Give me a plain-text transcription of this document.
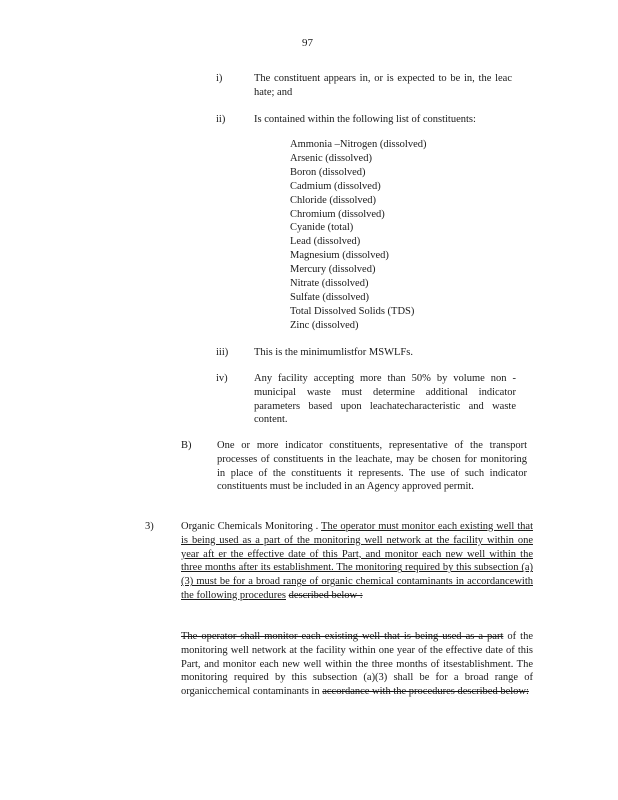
97
i)	The constituent appears in, or is expected to be in, the leac hate; and
ii)	Is contained within the following list of constituents:
Ammonia –Nitrogen (dissolved)
Arsenic (dissolved)
Boron (dissolved)
Cadmium (dissolved)
Chloride (dissolved)
Chromium (dissolved)
Cyanide (total)
Lead (dissolved)
Magnesium (dissolved)
Mercury (dissolved)
Nitrate (dissolved)
Sulfate (dissolved)
Total Dissolved Solids (TDS)
Zinc (dissolved)
iii)	This is the minimumlistfor MSWLFs.
iv)	Any facility accepting more than 50% by volume non - municipal waste must determine additional indicator parameters based upon leachatecharacteristic and waste content.
B)	One or more indicator constituents, representative of the transport processes of constituents in the leachate, may be chosen for monitoring in place of the constituents it represents. The use of such indicator constituents must be included in an Agency approved permit.
3)	Organic Chemicals Monitoring . The operator must monitor each existing well that is being used as a part of the monitoring well network at the facility within one year aft er the effective date of this Part, and monitor each new well within the three months after its establishment. The monitoring required by this subsection (a)(3) must be for a broad range of organic chemical contaminants in accordancewith the following procedures described below :
The operator shall monitor each existing well that is being used as a part of the monitoring well network at the facility within one year of the effective date of this Part, and monitor each new well within the three months of itsestablishment. The monitoring required by this subsection (a)(3) shall be for a broad range of organicchemical contaminants in accordance with the procedures described below:
